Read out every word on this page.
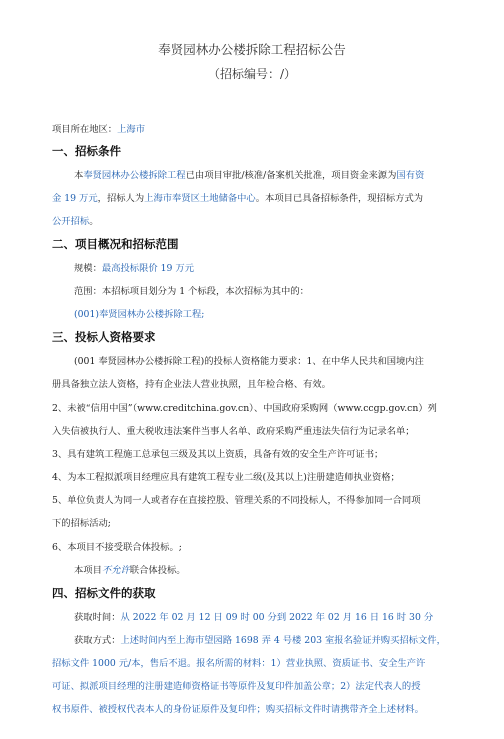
奉贤园林办公楼拆除工程招标公告
（招标编号：/）
项目所在地区：上海市
一、招标条件
本奉贤园林办公楼拆除工程已由项目审批/核准/备案机关批准，项目资金来源为国有资
金 19 万元，招标人为上海市奉贤区土地储备中心。本项目已具备招标条件，现招标方式为
公开招标。
二、项目概况和招标范围
规模：最高投标限价 19 万元
范围：本招标项目划分为 1 个标段，本次招标为其中的：
(001)奉贤园林办公楼拆除工程;
三、投标人资格要求
(001 奉贤园林办公楼拆除工程)的投标人资格能力要求：1、在中华人民共和国境内注
册具备独立法人资格，持有企业法人营业执照，且年检合格、有效。
2、未被“信用中国”（www.creditchina.gov.cn）、中国政府采购网（www.ccgp.gov.cn）列
入失信被执行人、重大税收违法案件当事人名单、政府采购严重违法失信行为记录名单；
3、具有建筑工程施工总承包三级及其以上资质，具备有效的安全生产许可证书；
4、为本工程拟派项目经理应具有建筑工程专业二级(及其以上)注册建造师执业资格；
5、单位负责人为同一人或者存在直接控股、管理关系的不同投标人，不得参加同一合同项
下的招标活动;
6、本项目不接受联合体投标。;
本项目不允许联合体投标。
四、招标文件的获取
获取时间：从 2022 年 02 月 12 日 09 时 00 分到 2022 年 02 月 16 日 16 时 30 分
获取方式：上述时间内至上海市望园路 1698 弄 4 号楼 203 室报名验证并购买招标文件，
招标文件 1000 元/本，售后不退。报名所需的材料：1）营业执照、资质证书、安全生产许
可证、拟派项目经理的注册建造师资格证书等原件及复印件加盖公章；2）法定代表人的授
权书原件、被授权代表本人的身份证原件及复印件；购买招标文件时请携带齐全上述材料。
